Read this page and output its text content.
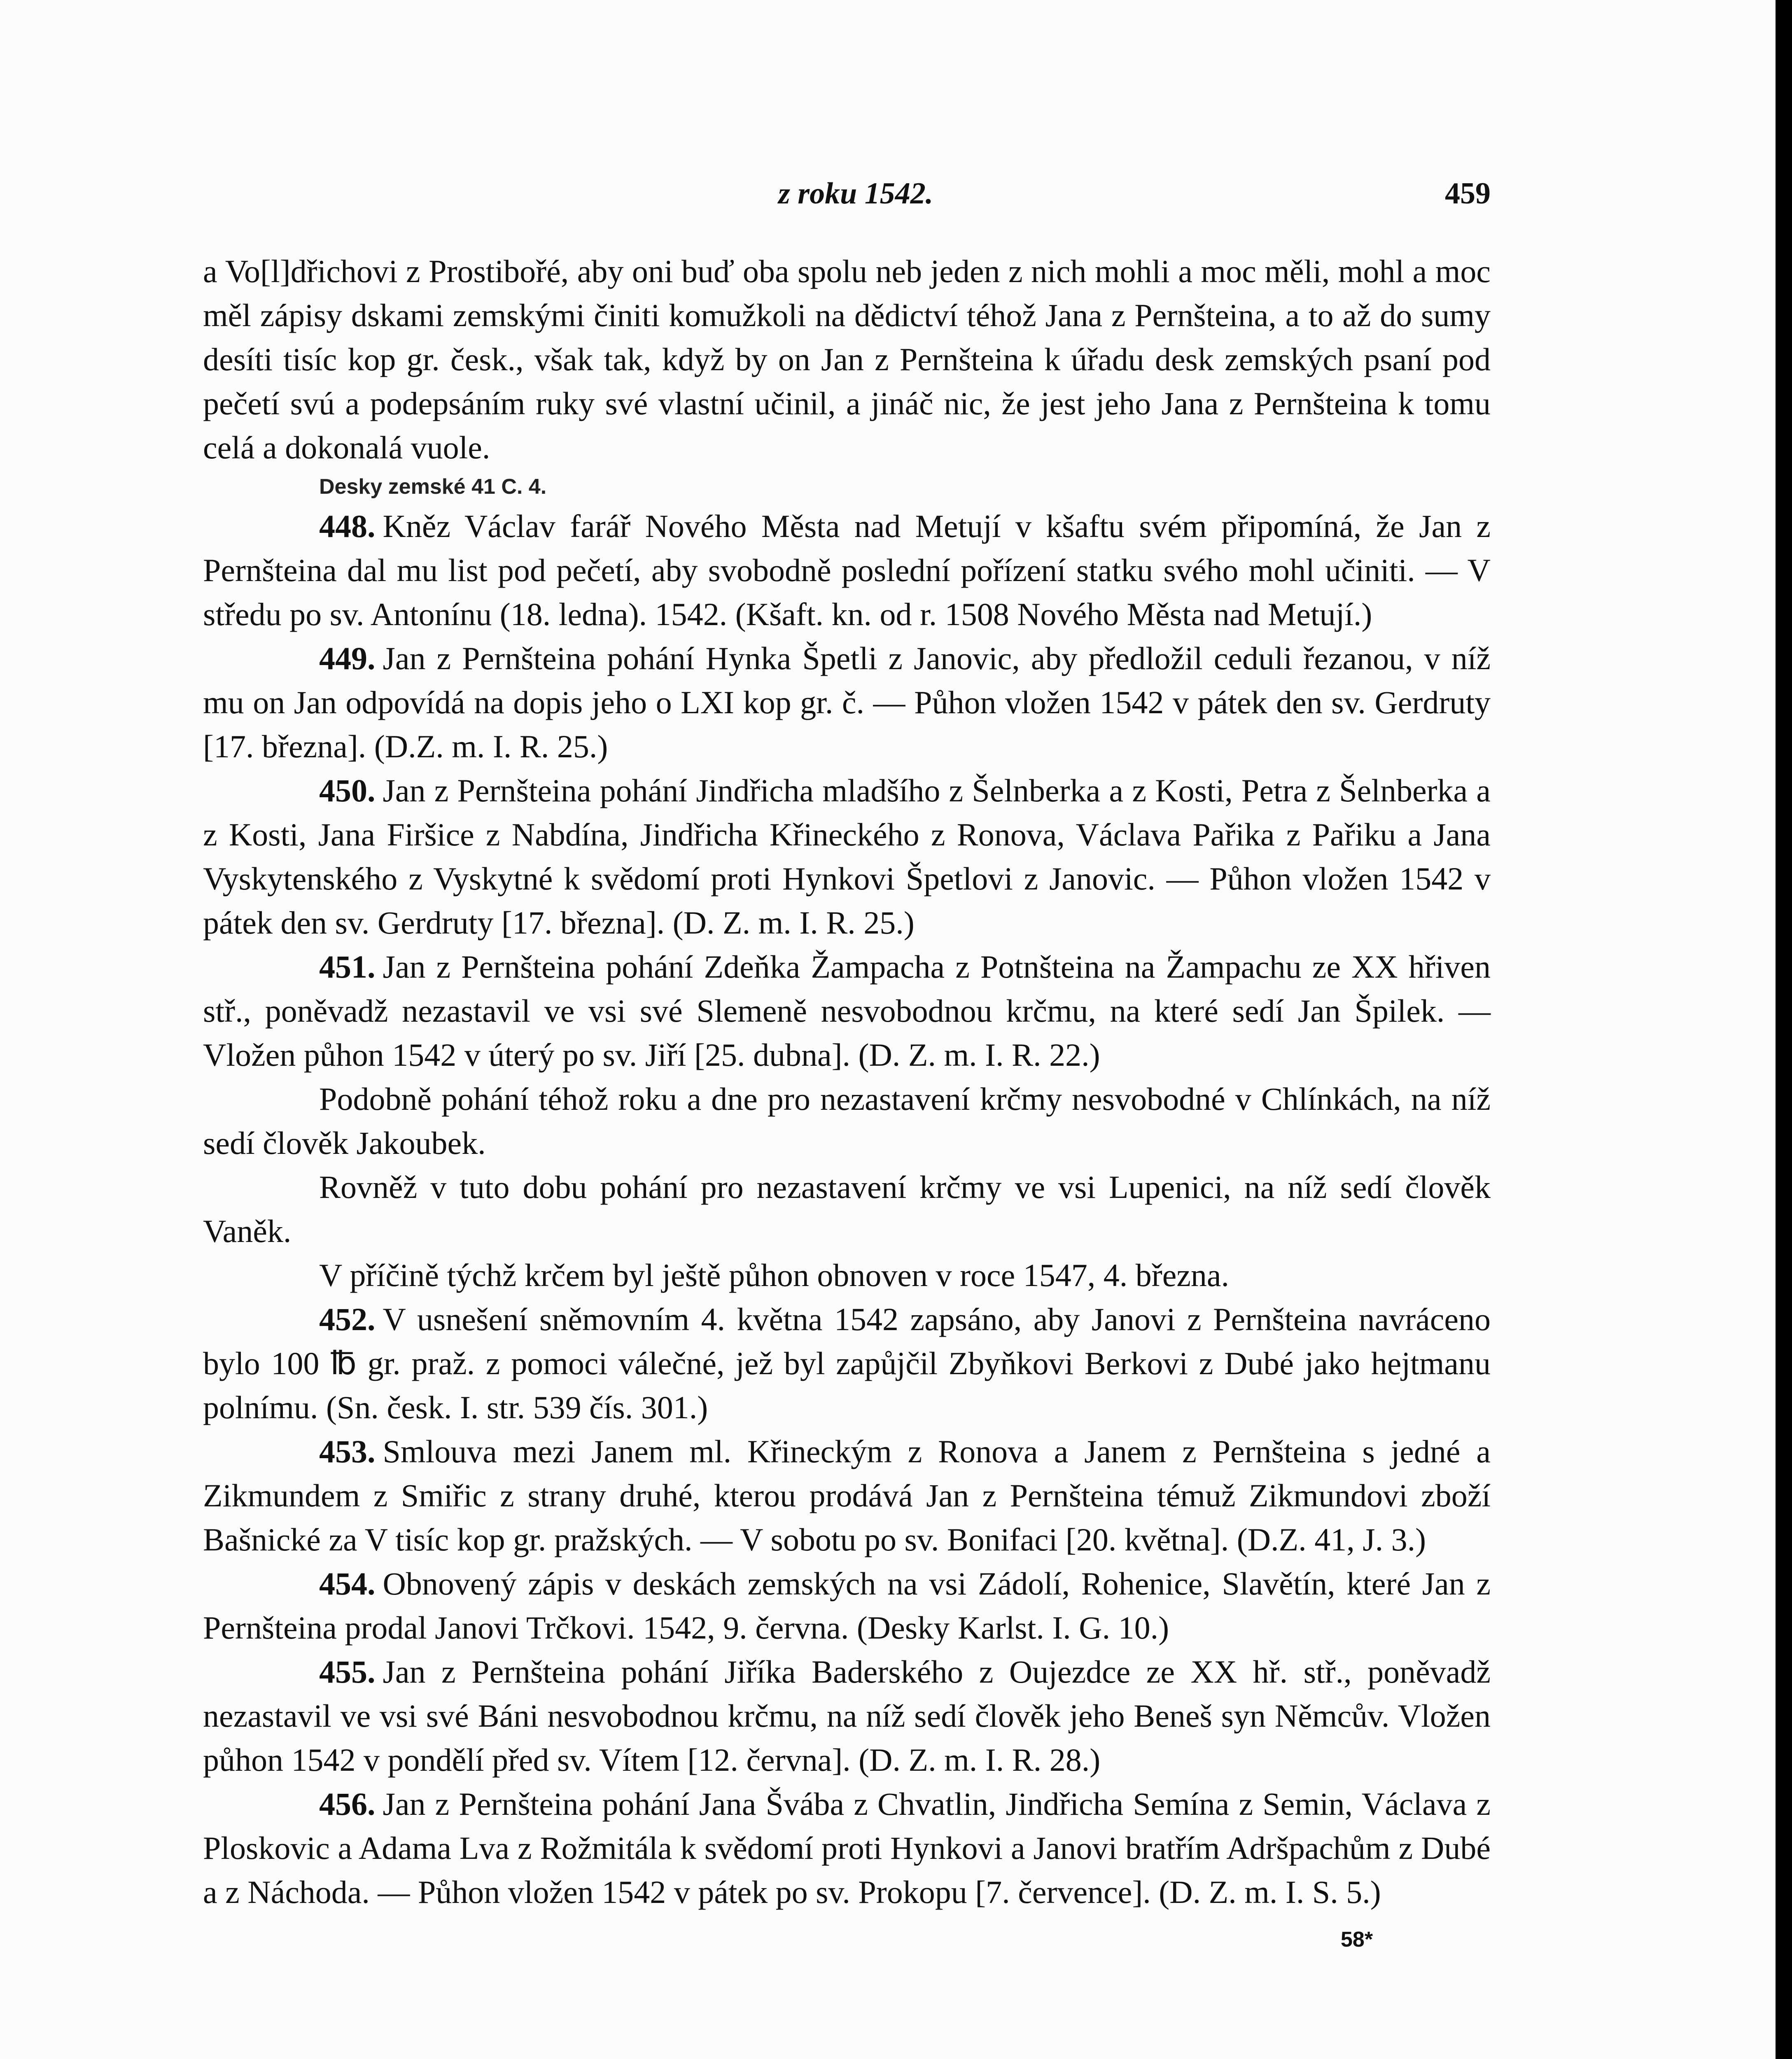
z roku 1542.	459

a Vo[l]dřichovi z Prostibořé, aby oni buď oba spolu neb jeden z nich mohli a moc měli, mohl a moc měl zápisy dskami zemskými činiti komužkoli na dědictví téhož Jana z Pernšteina, a to až do sumy desíti tisíc kop gr. česk., však tak, když by on Jan z Pernšteina k úřadu desk zemských psaní pod pečetí svú a podepsáním ruky své vlastní učinil, a jináč nic, že jest jeho Jana z Pernšteina k tomu celá a dokonalá vuole.

Desky zemské 41 C. 4.

448. Kněz Václav farář Nového Města nad Metují v kšaftu svém připomíná, že Jan z Pernšteina dal mu list pod pečetí, aby svobodně poslední pořízení statku svého mohl učiniti. — V středu po sv. Antonínu (18. ledna). 1542. (Kšaft. kn. od r. 1508 Nového Města nad Metují.)

449. Jan z Pernšteina pohání Hynka Špetli z Janovic, aby předložil ceduli řezanou, v níž mu on Jan odpovídá na dopis jeho o LXI kop gr. č. — Půhon vložen 1542 v pátek den sv. Gerdruty [17. března]. (D.Z. m. I. R. 25.)

450. Jan z Pernšteina pohání Jindřicha mladšího z Šelnberka a z Kosti, Petra z Šelnberka a z Kosti, Jana Firšice z Nabdína, Jindřicha Křineckého z Ronova, Václava Pařika z Pařiku a Jana Vyskytenského z Vyskytné k svědomí proti Hynkovi Špetlovi z Janovic. — Půhon vložen 1542 v pátek den sv. Gerdruty [17. března]. (D. Z. m. I. R. 25.)

451. Jan z Pernšteina pohání Zdeňka Žampacha z Potnšteina na Žampachu ze XX hřiven stř., poněvadž nezastavil ve vsi své Slemeně nesvobodnou krčmu, na které sedí Jan Špilek. — Vložen půhon 1542 v úterý po sv. Jiří [25. dubna]. (D. Z. m. I. R. 22.)

Podobně pohání téhož roku a dne pro nezastavení krčmy nesvobodné v Chlínkách, na níž sedí člověk Jakoubek.

Rovněž v tuto dobu pohání pro nezastavení krčmy ve vsi Lupenici, na níž sedí člověk Vaněk.

V příčině týchž krčem byl ještě půhon obnoven v roce 1547, 4. března.

452. V usnešení sněmovním 4. května 1542 zapsáno, aby Janovi z Pernšteina navráceno bylo 100 ℔ gr. praž. z pomoci válečné, jež byl zapůjčil Zbyňkovi Berkovi z Dubé jako hejtmanu polnímu. (Sn. česk. I. str. 539 čís. 301.)

453. Smlouva mezi Janem ml. Křineckým z Ronova a Janem z Pernšteina s jedné a Zikmundem z Smiřic z strany druhé, kterou prodává Jan z Pernšteina témuž Zikmundovi zboží Bašnické za V tisíc kop gr. pražských. — V sobotu po sv. Bonifaci [20. května]. (D.Z. 41, J. 3.)

454. Obnovený zápis v deskách zemských na vsi Zádolí, Rohenice, Slavětín, které Jan z Pernšteina prodal Janovi Trčkovi. 1542, 9. června. (Desky Karlst. I. G. 10.)

455. Jan z Pernšteina pohání Jiříka Baderského z Oujezdce ze XX hř. stř., poněvadž nezastavil ve vsi své Báni nesvobodnou krčmu, na níž sedí člověk jeho Beneš syn Němcův. Vložen půhon 1542 v pondělí před sv. Vítem [12. června]. (D. Z. m. I. R. 28.)

456. Jan z Pernšteina pohání Jana Švába z Chvatlin, Jindřicha Semína z Semin, Václava z Ploskovic a Adama Lva z Rožmitála k svědomí proti Hynkovi a Janovi bratřím Adršpachům z Dubé a z Náchoda. — Půhon vložen 1542 v pátek po sv. Prokopu [7. července]. (D. Z. m. I. S. 5.)

58*
